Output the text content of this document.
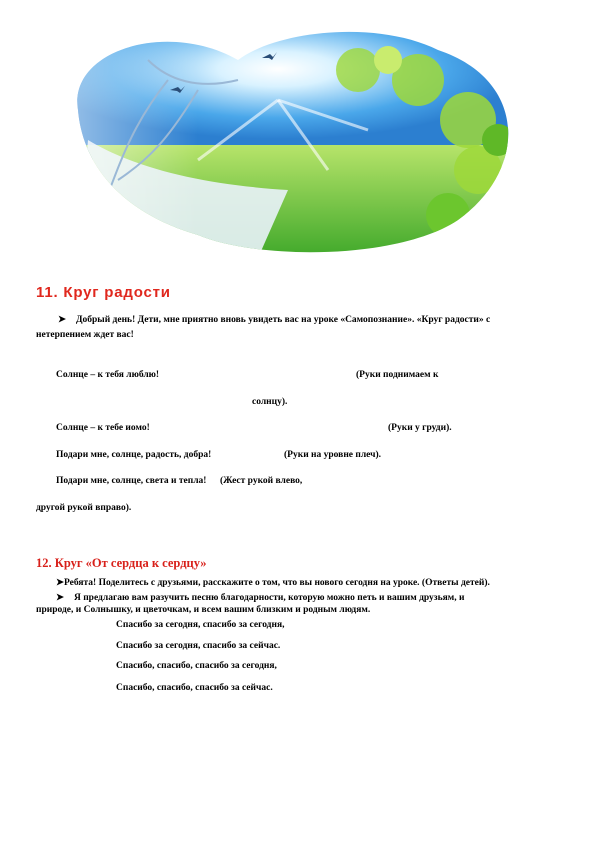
11. Круг радости
➤ Добрый день! Дети, мне приятно вновь увидеть вас на уроке «Самопознание». «Круг радости» с
нетерпением ждет вас!
Солнце – к тебя люблю!	(Руки поднимаем к
солнцу).
Солнце – к тебе иомо!	(Руки у груди).
Подари мне, солнце, радость, добра!	(Руки на уровне плеч).
Подари мне, солнце, света и тепла! (Жест рукой влево,
другой рукой вправо).
12. Круг «От сердца к сердцу»
➤Ребята! Поделитесь с друзьями, расскажите о том, что вы нового сегодня на уроке. (Ответы детей).
➤ Я предлагаю вам разучить песню благодарности, которую можно петь и вашим друзьям, и
природе, и Солнышку, и цветочкам, и всем вашим близким и родным людям.
Спасибо за сегодня, спасибо за сегодня,
Спасибо за сегодня, спасибо за сейчас.
Спасибо, спасибо, спасибо за сегодня,
Спасибо, спасибо, спасибо за сейчас.
